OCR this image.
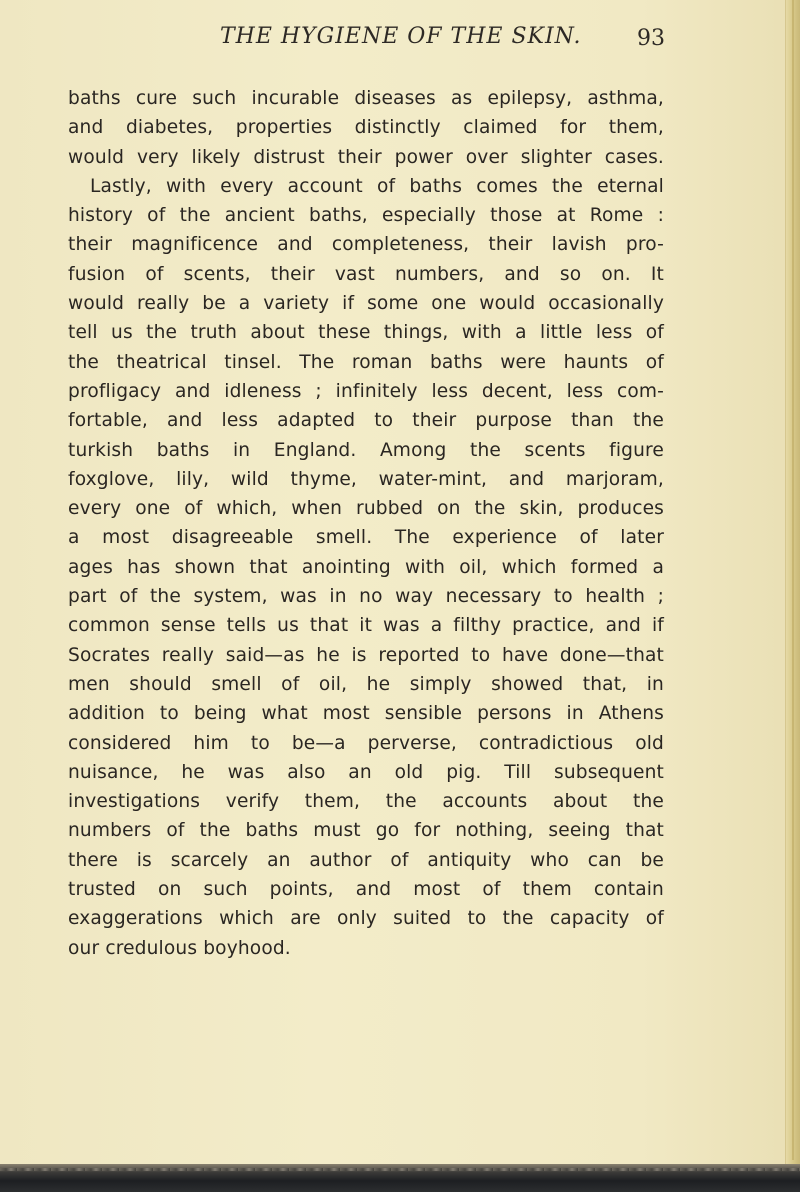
THE HYGIENE OF THE SKIN.	93
baths cure such incurable diseases as epilepsy, asthma,
and diabetes, properties distinctly claimed for them,
would very likely distrust their power over slighter cases.
Lastly, with every account of baths comes the eternal
history of the ancient baths, especially those at Rome :
their magnificence and completeness, their lavish pro-
fusion of scents, their vast numbers, and so on. It
would really be a variety if some one would occasionally
tell us the truth about these things, with a little less of
the theatrical tinsel. The roman baths were haunts of
profligacy and idleness ; infinitely less decent, less com-
fortable, and less adapted to their purpose than the
turkish baths in England. Among the scents figure
foxglove, lily, wild thyme, water-mint, and marjoram,
every one of which, when rubbed on the skin, produces
a most disagreeable smell. The experience of later
ages has shown that anointing with oil, which formed a
part of the system, was in no way necessary to health ;
common sense tells us that it was a filthy practice, and if
Socrates really said—as he is reported to have done—that
men should smell of oil, he simply showed that, in
addition to being what most sensible persons in Athens
considered him to be—a perverse, contradictious old
nuisance, he was also an old pig. Till subsequent
investigations verify them, the accounts about the
numbers of the baths must go for nothing, seeing that
there is scarcely an author of antiquity who can be
trusted on such points, and most of them contain
exaggerations which are only suited to the capacity of
our credulous boyhood.
